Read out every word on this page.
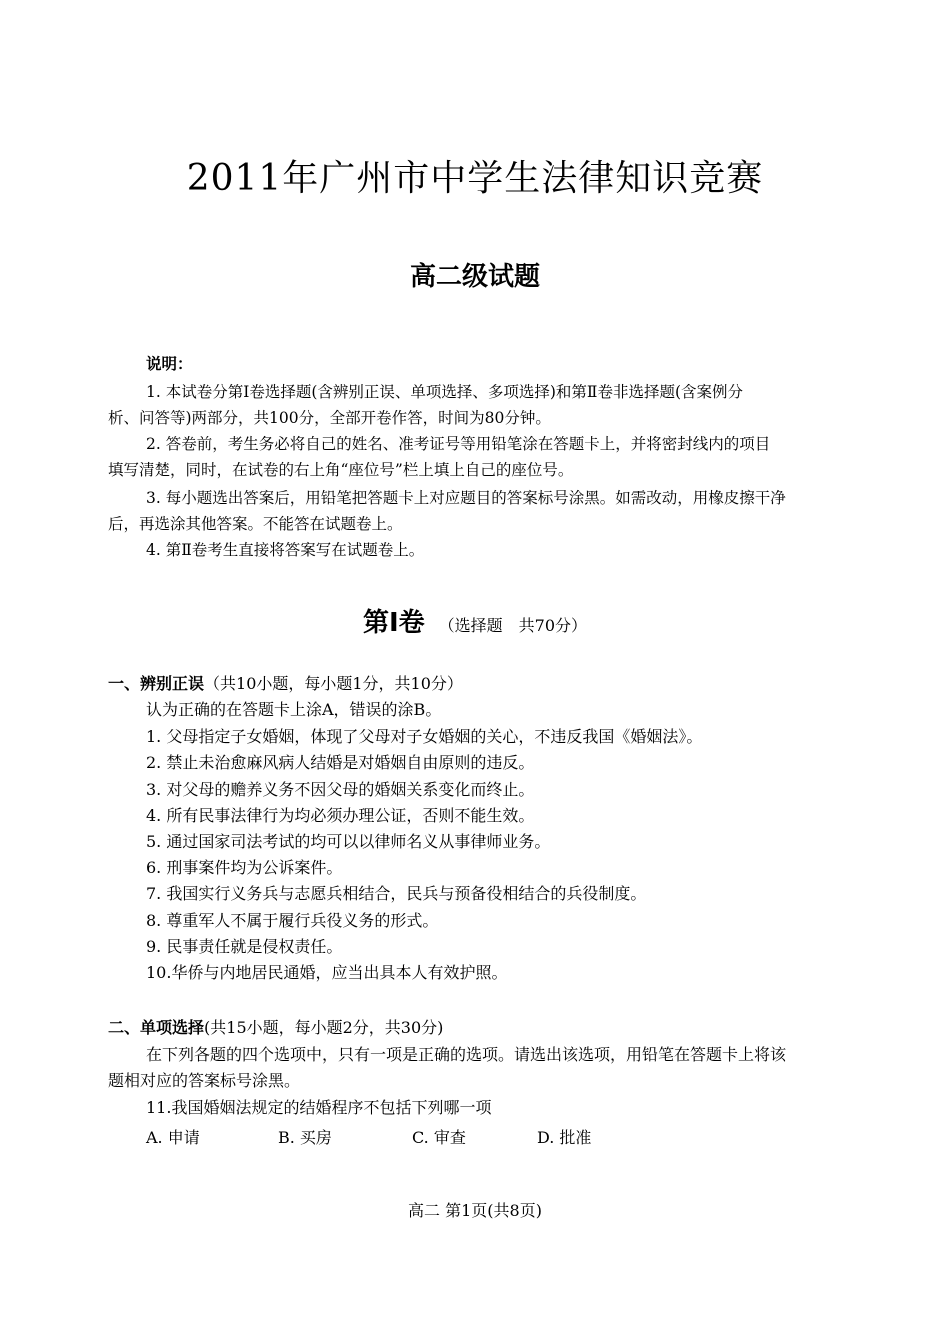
2011年广州市中学生法律知识竞赛
高二级试题
说明：
1. 本试卷分第Ⅰ卷选择题(含辨别正误、单项选择、多项选择)和第Ⅱ卷非选择题(含案例分
析、问答等)两部分，共100分，全部开卷作答，时间为80分钟。
2. 答卷前，考生务必将自己的姓名、准考证号等用铅笔涂在答题卡上，并将密封线内的项目
填写清楚，同时，在试卷的右上角“座位号”栏上填上自己的座位号。
3. 每小题选出答案后，用铅笔把答题卡上对应题目的答案标号涂黑。如需改动，用橡皮擦干净
后，再选涂其他答案。不能答在试题卷上。
4. 第Ⅱ卷考生直接将答案写在试题卷上。
第Ⅰ卷 （选择题　共70分）
一、辨别正误（共10小题，每小题1分，共10分）
认为正确的在答题卡上涂A，错误的涂B。
1. 父母指定子女婚姻，体现了父母对子女婚姻的关心，不违反我国《婚姻法》。
2. 禁止未治愈麻风病人结婚是对婚姻自由原则的违反。
3. 对父母的赡养义务不因父母的婚姻关系变化而终止。
4. 所有民事法律行为均必须办理公证，否则不能生效。
5. 通过国家司法考试的均可以以律师名义从事律师业务。
6. 刑事案件均为公诉案件。
7. 我国实行义务兵与志愿兵相结合，民兵与预备役相结合的兵役制度。
8. 尊重军人不属于履行兵役义务的形式。
9. 民事责任就是侵权责任。
10.华侨与内地居民通婚，应当出具本人有效护照。
二、单项选择(共15小题，每小题2分，共30分)
在下列各题的四个选项中，只有一项是正确的选项。请选出该选项，用铅笔在答题卡上将该
题相对应的答案标号涂黑。
11.我国婚姻法规定的结婚程序不包括下列哪一项
A. 申请	B. 买房	C. 审查	D. 批准
高二 第1页(共8页)
